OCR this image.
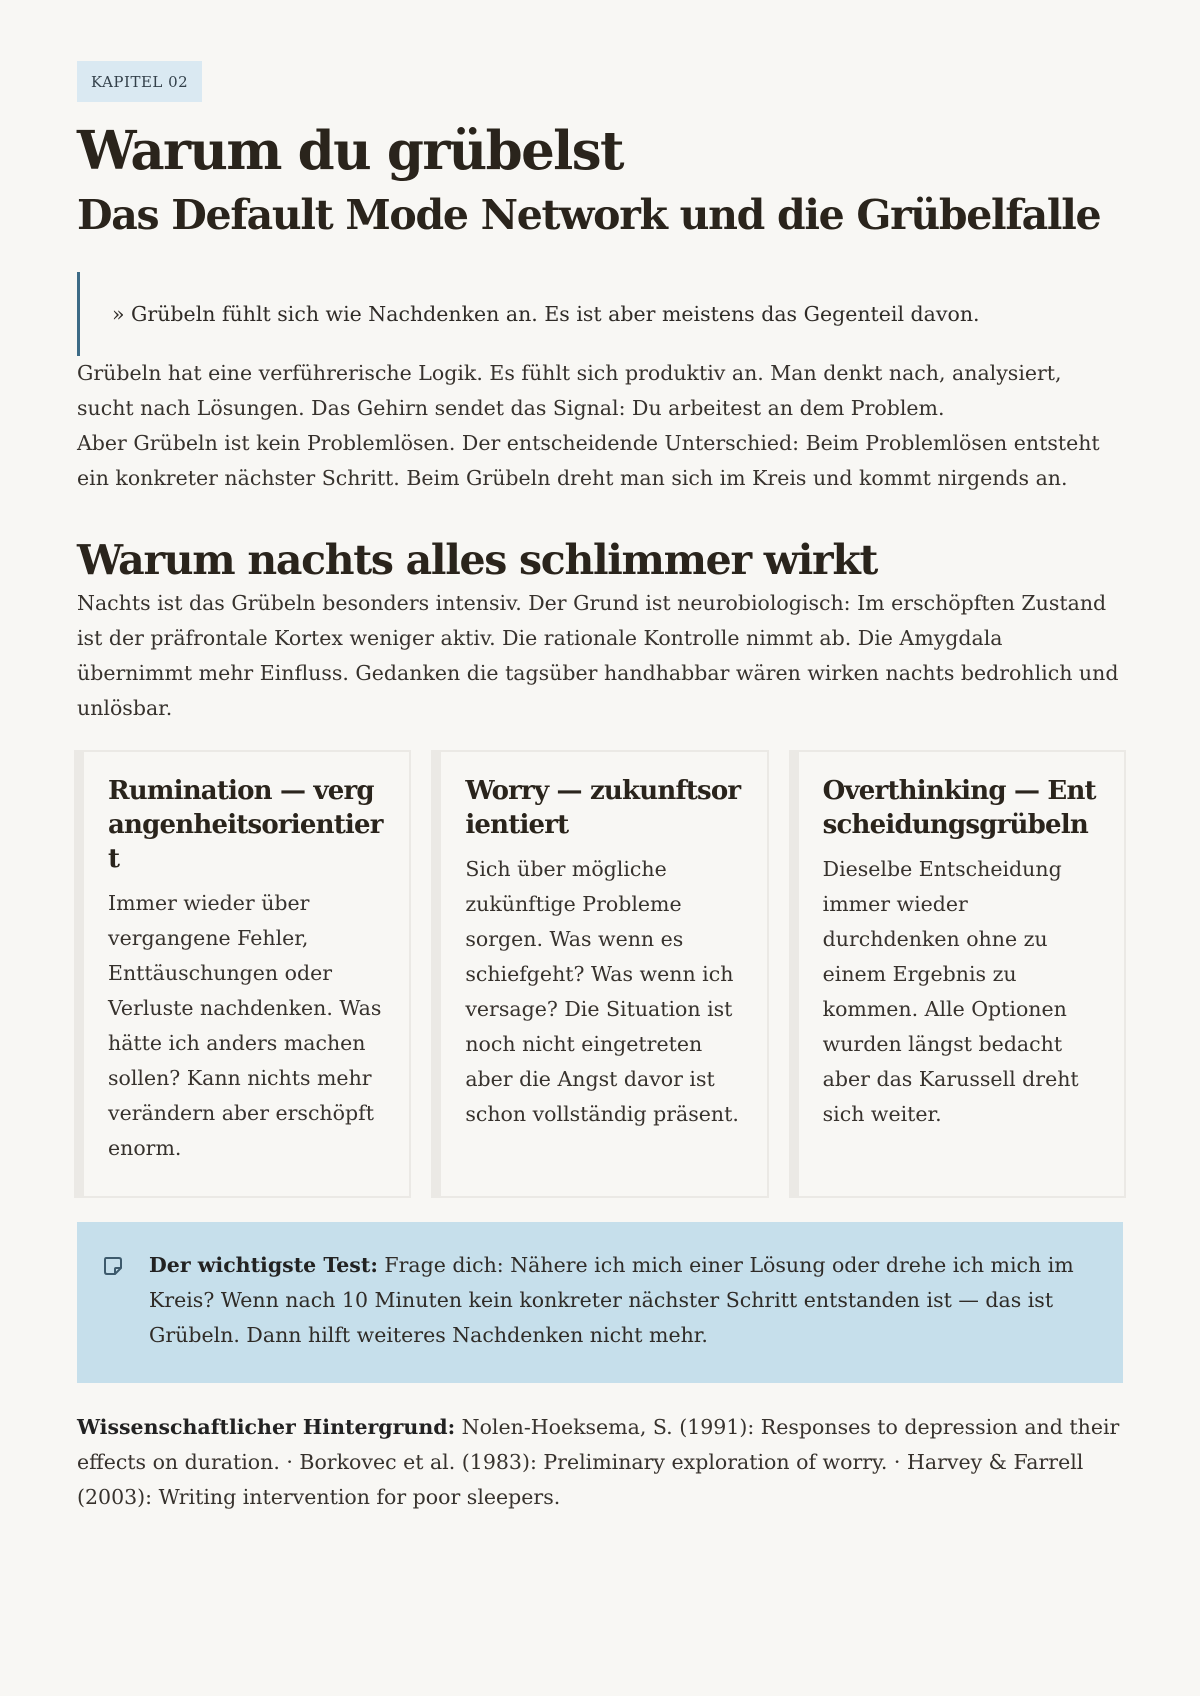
KAPITEL 02
Warum du grübelst
Das Default Mode Network und die Grübelfalle
» Grübeln fühlt sich wie Nachdenken an. Es ist aber meistens das Gegenteil davon.

Grübeln hat eine verführerische Logik. Es fühlt sich produktiv an. Man denkt nach, analysiert, sucht nach Lösungen. Das Gehirn sendet das Signal: Du arbeitest an dem Problem.

Aber Grübeln ist kein Problemlösen. Der entscheidende Unterschied: Beim Problemlösen entsteht ein konkreter nächster Schritt. Beim Grübeln dreht man sich im Kreis und kommt nirgends an.

Warum nachts alles schlimmer wirkt

Nachts ist das Grübeln besonders intensiv. Der Grund ist neurobiologisch: Im erschöpften Zustand ist der präfrontale Kortex weniger aktiv. Die rationale Kontrolle nimmt ab. Die Amygdala übernimmt mehr Einfluss. Gedanken die tagsüber handhabbar wären wirken nachts bedrohlich und unlösbar.

Rumination — vergangenheitsorientiert

Immer wieder über vergangene Fehler, Enttäuschungen oder Verluste nachdenken. Was hätte ich anders machen sollen? Kann nichts mehr verändern aber erschöpft enorm.

Worry — zukunftsorientiert

Sich über mögliche zukünftige Probleme sorgen. Was wenn es schiefgeht? Was wenn ich versage? Die Situation ist noch nicht eingetreten aber die Angst davor ist schon vollständig präsent.

Overthinking — Entscheidungsgrübeln

Dieselbe Entscheidung immer wieder durchdenken ohne zu einem Ergebnis zu kommen. Alle Optionen wurden längst bedacht aber das Karussell dreht sich weiter.

Der wichtigste Test: Frage dich: Nähere ich mich einer Lösung oder drehe ich mich im Kreis? Wenn nach 10 Minuten kein konkreter nächster Schritt entstanden ist — das ist Grübeln. Dann hilft weiteres Nachdenken nicht mehr.

Wissenschaftlicher Hintergrund: Nolen-Hoeksema, S. (1991): Responses to depression and their effects on duration. · Borkovec et al. (1983): Preliminary exploration of worry. · Harvey & Farrell (2003): Writing intervention for poor sleepers.
